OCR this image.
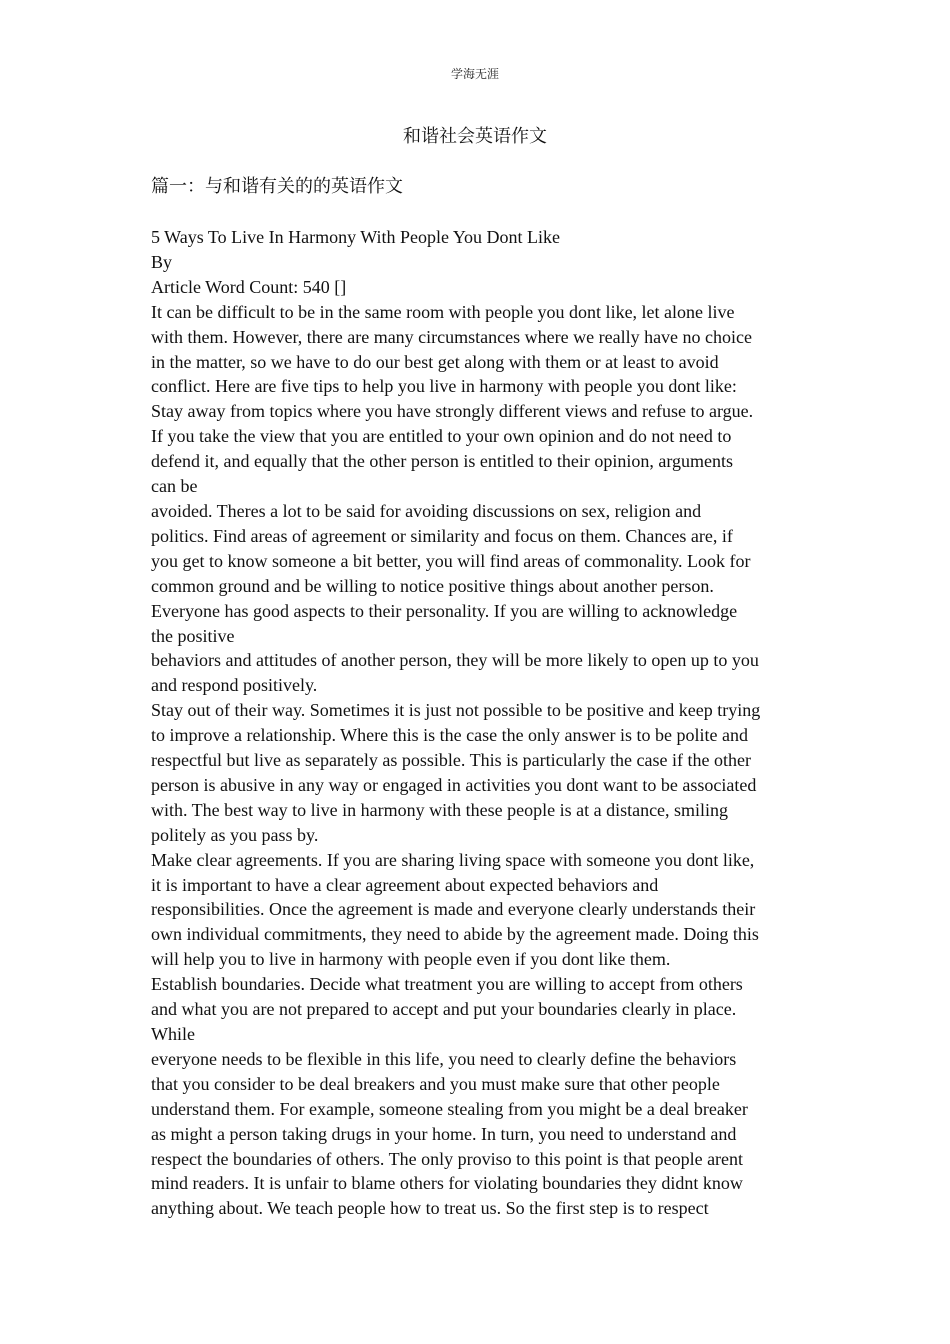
学海无涯
和谐社会英语作文
篇一：与和谐有关的的英语作文
5 Ways To Live In Harmony With People You Dont Like
By
Article Word Count: 540 []
It can be difficult to be in the same room with people you dont like, let alone live
with them. However, there are many circumstances where we really have no choice
in the matter, so we have to do our best get along with them or at least to avoid
conflict. Here are five tips to help you live in harmony with people you dont like:
Stay away from topics where you have strongly different views and refuse to argue.
If you take the view that you are entitled to your own opinion and do not need to
defend it, and equally that the other person is entitled to their opinion, arguments
can be
avoided. Theres a lot to be said for avoiding discussions on sex, religion and
politics. Find areas of agreement or similarity and focus on them. Chances are, if
you get to know someone a bit better, you will find areas of commonality. Look for
common ground and be willing to notice positive things about another person.
Everyone has good aspects to their personality. If you are willing to acknowledge
the positive
behaviors and attitudes of another person, they will be more likely to open up to you
and respond positively.
Stay out of their way. Sometimes it is just not possible to be positive and keep trying
to improve a relationship. Where this is the case the only answer is to be polite and
respectful but live as separately as possible. This is particularly the case if the other
person is abusive in any way or engaged in activities you dont want to be associated
with. The best way to live in harmony with these people is at a distance, smiling
politely as you pass by.
Make clear agreements. If you are sharing living space with someone you dont like,
it is important to have a clear agreement about expected behaviors and
responsibilities. Once the agreement is made and everyone clearly understands their
own individual commitments, they need to abide by the agreement made. Doing this
will help you to live in harmony with people even if you dont like them.
Establish boundaries. Decide what treatment you are willing to accept from others
and what you are not prepared to accept and put your boundaries clearly in place.
While
everyone needs to be flexible in this life, you need to clearly define the behaviors
that you consider to be deal breakers and you must make sure that other people
understand them. For example, someone stealing from you might be a deal breaker
as might a person taking drugs in your home. In turn, you need to understand and
respect the boundaries of others. The only proviso to this point is that people arent
mind readers. It is unfair to blame others for violating boundaries they didnt know
anything about. We teach people how to treat us. So the first step is to respect
